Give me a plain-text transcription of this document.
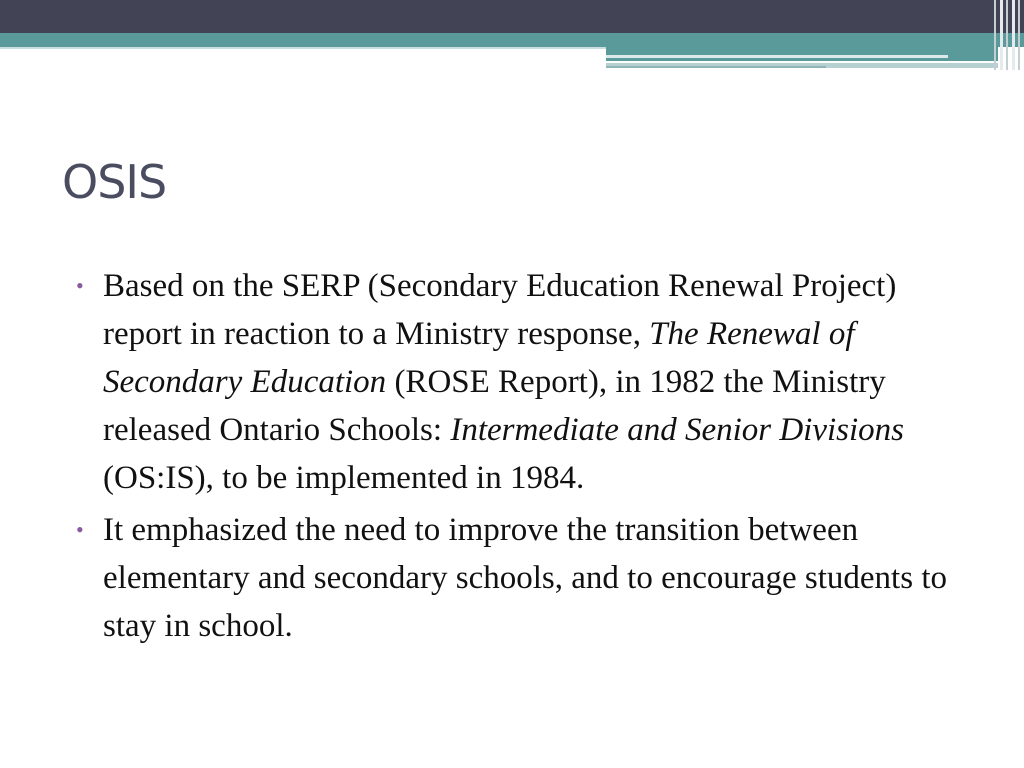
OSIS
• Based on the SERP (Secondary Education Renewal Project) report in reaction to a Ministry response, The Renewal of Secondary Education (ROSE Report), in 1982 the Ministry released Ontario Schools: Intermediate and Senior Divisions (OS:IS), to be implemented in 1984.
• It emphasized the need to improve the transition between elementary and secondary schools, and to encourage students to stay in school.
